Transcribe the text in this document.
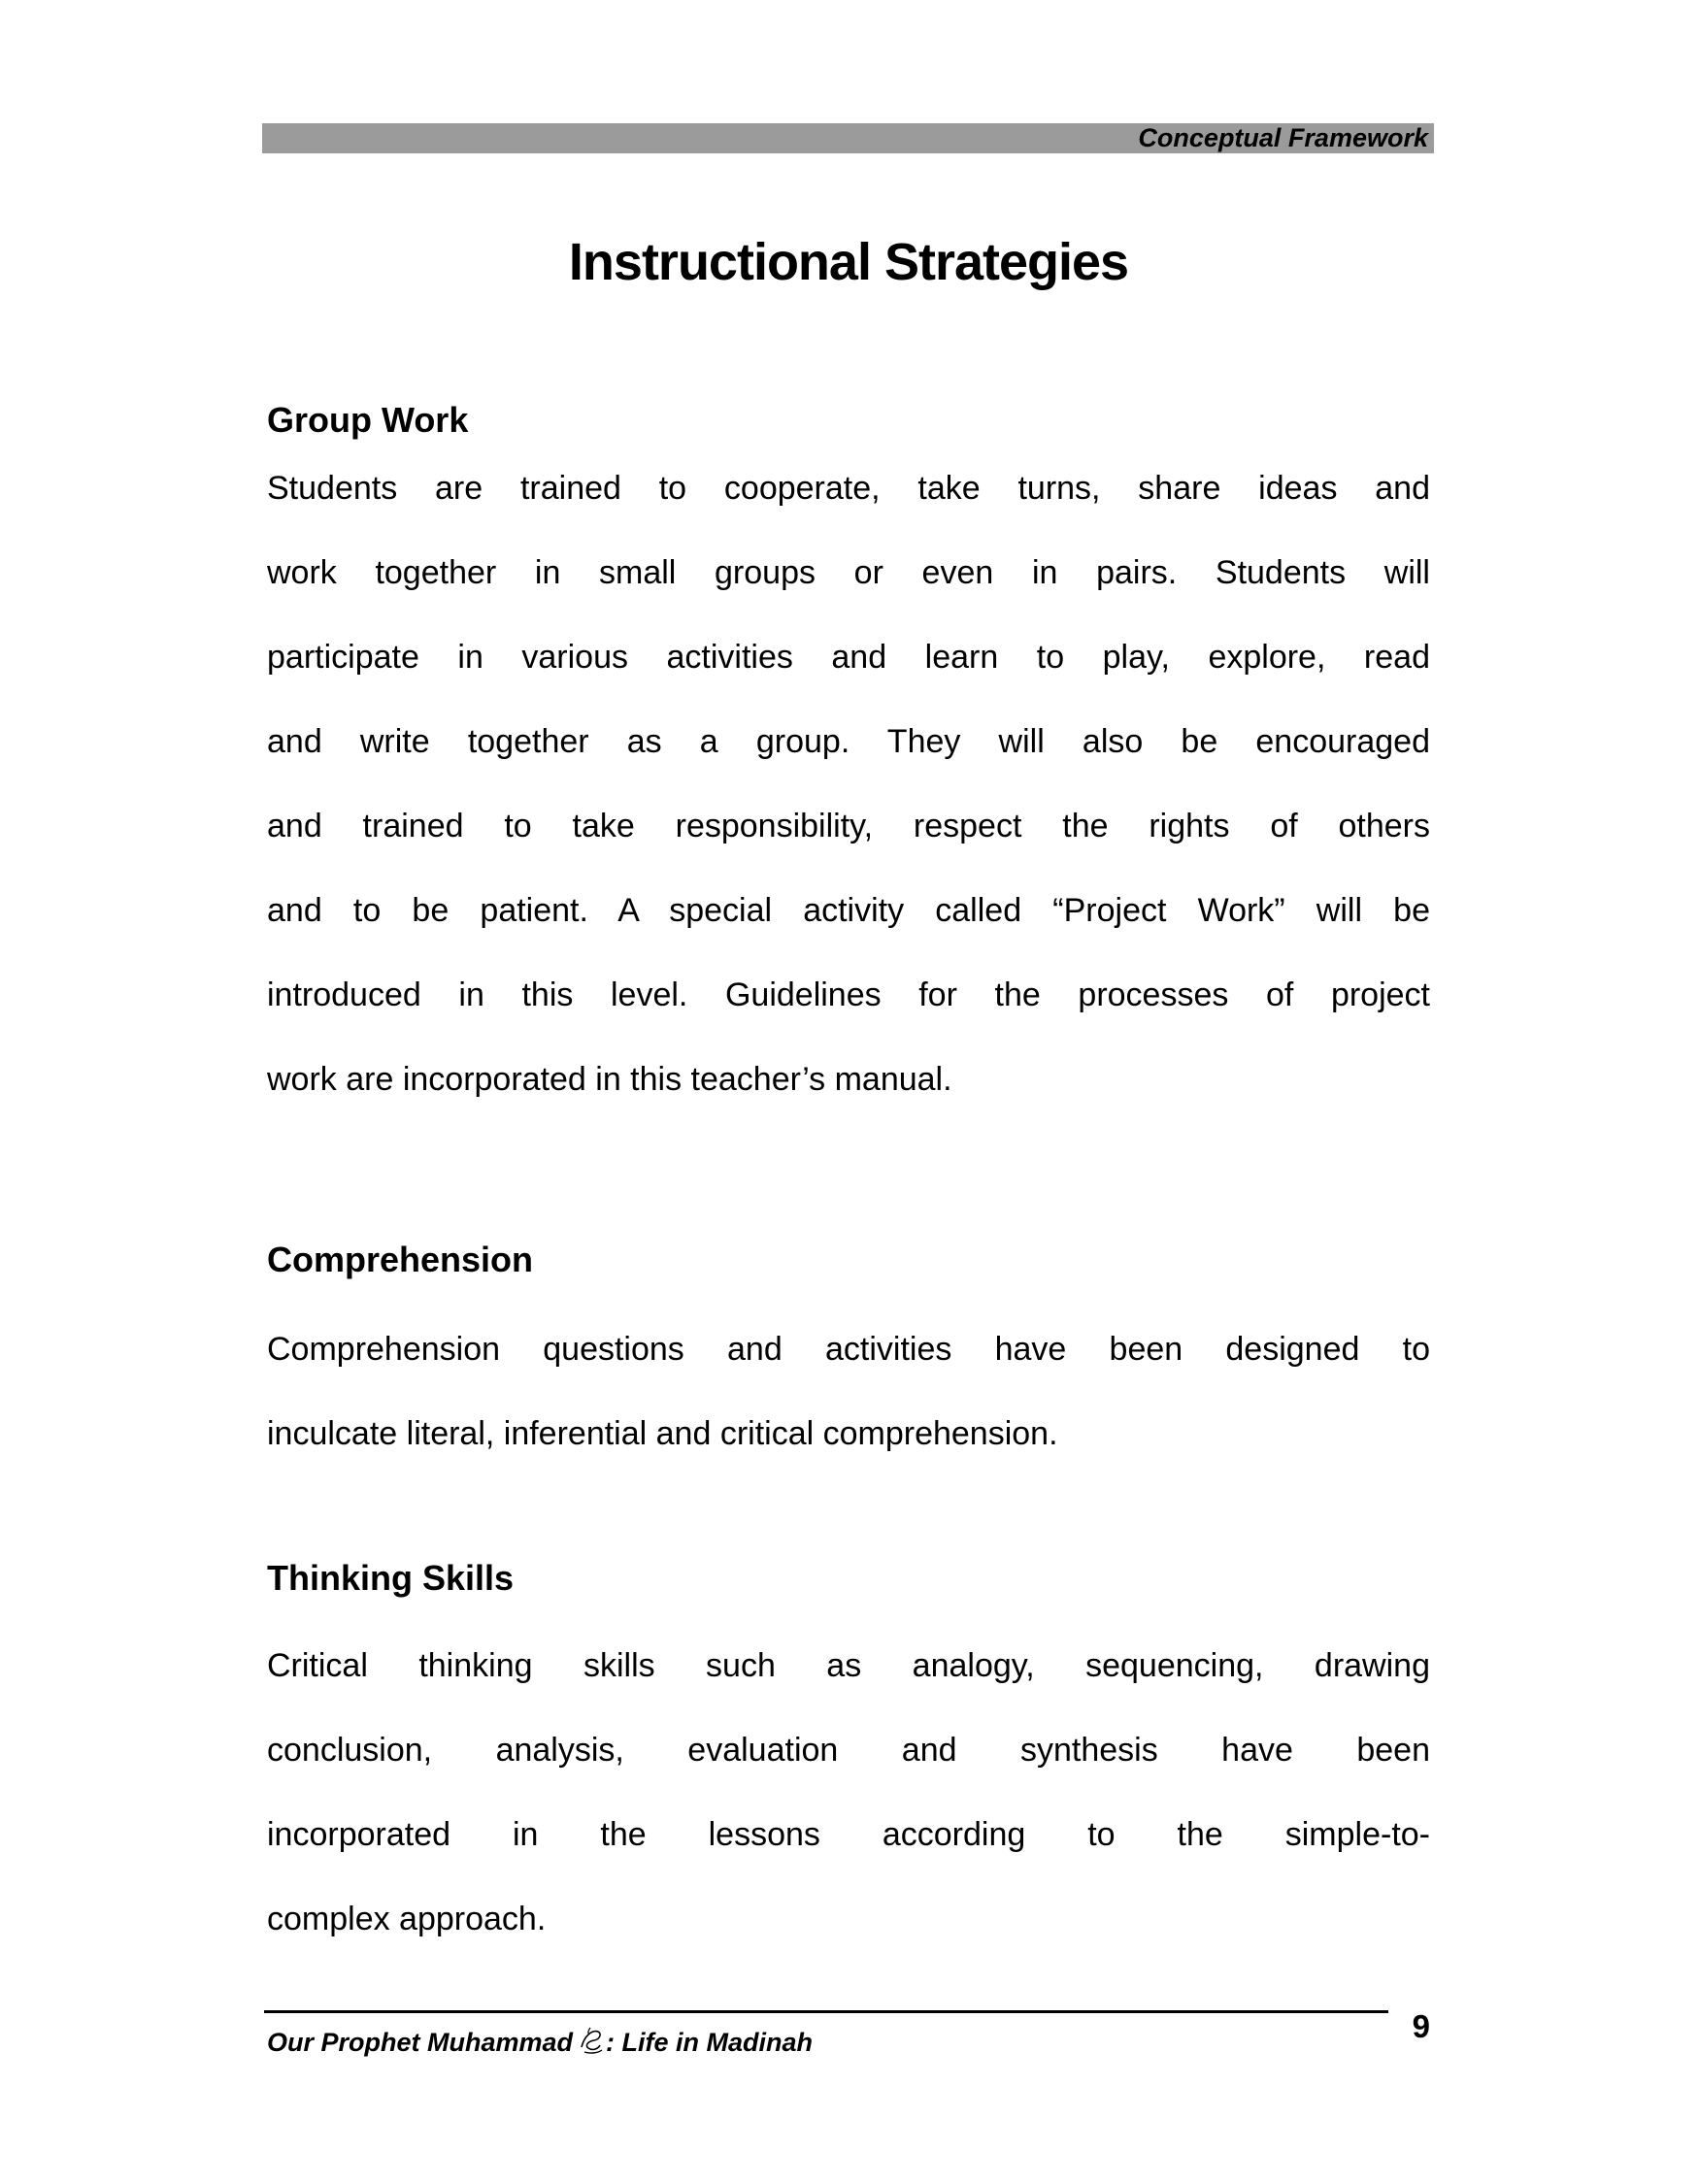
Conceptual Framework
Instructional Strategies
Group Work
Students are trained to cooperate, take turns, share ideas and
work together in small groups or even in pairs. Students will
participate in various activities and learn to play, explore, read
and write together as a group. They will also be encouraged
and trained to take responsibility, respect the rights of others
and to be patient. A special activity called “Project Work” will be
introduced in this level. Guidelines for the processes of project
work are incorporated in this teacher’s manual.
Comprehension
Comprehension questions and activities have been designed to
inculcate literal, inferential and critical comprehension.
Thinking Skills
Critical thinking skills such as analogy, sequencing, drawing
conclusion, analysis, evaluation and synthesis have been
incorporated in the lessons according to the simple-to-
complex approach.
Our Prophet Muhammad : Life in Madinah	9
